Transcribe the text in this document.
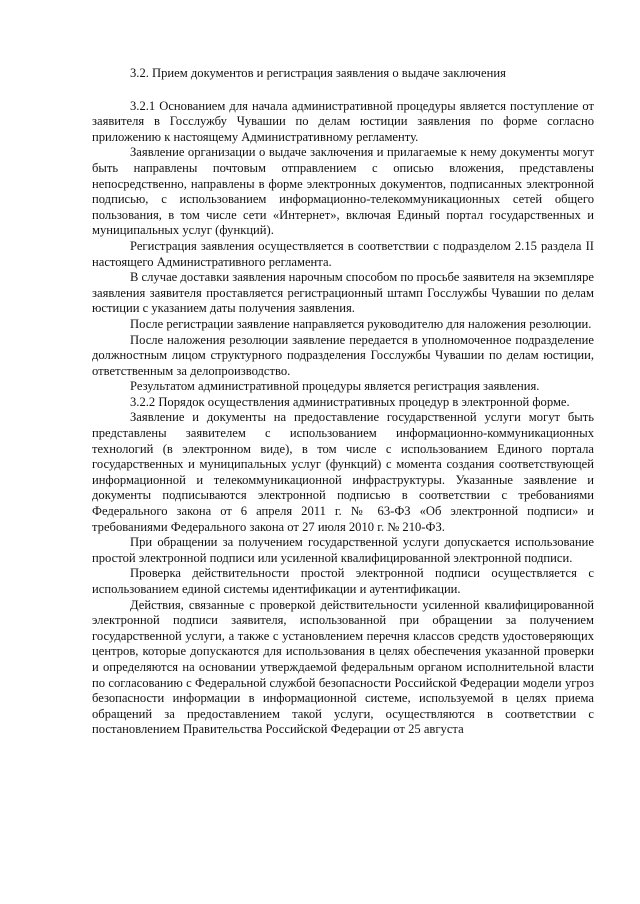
3.2. Прием документов и регистрация заявления о выдаче заключения

3.2.1 Основанием для начала административной процедуры является поступление от заявителя в Госслужбу Чувашии по делам юстиции заявления по форме согласно приложению к настоящему Административному регламенту.

Заявление организации о выдаче заключения и прилагаемые к нему документы могут быть направлены почтовым отправлением с описью вложения, представлены непосредственно, направлены в форме электронных документов, подписанных электронной подписью, с использованием информационно-телекоммуникационных сетей общего пользования, в том числе сети «Интернет», включая Единый портал государственных и муниципальных услуг (функций).

Регистрация заявления осуществляется в соответствии с подразделом 2.15 раздела II настоящего Административного регламента.

В случае доставки заявления нарочным способом по просьбе заявителя на экземпляре заявления заявителя проставляется регистрационный штамп Госслужбы Чувашии по делам юстиции с указанием даты получения заявления.

После регистрации заявление направляется руководителю для наложения резолюции.

После наложения резолюции заявление передается в уполномоченное подразделение должностным лицом структурного подразделения Госслужбы Чувашии по делам юстиции, ответственным за делопроизводство.

Результатом административной процедуры является регистрация заявления.

3.2.2 Порядок осуществления административных процедур в электронной форме.

Заявление и документы на предоставление государственной услуги могут быть представлены заявителем с использованием информационно-коммуникационных технологий (в электронном виде), в том числе с использованием Единого портала государственных и муниципальных услуг (функций) с момента создания соответствующей информационной и телекоммуникационной инфраструктуры. Указанные заявление и документы подписываются электронной подписью в соответствии с требованиями Федерального закона от 6 апреля 2011 г. № 63-ФЗ «Об электронной подписи» и требованиями Федерального закона от 27 июля 2010 г. № 210-ФЗ.

При обращении за получением государственной услуги допускается использование простой электронной подписи или усиленной квалифицированной электронной подписи.

Проверка действительности простой электронной подписи осуществляется с использованием единой системы идентификации и аутентификации.

Действия, связанные с проверкой действительности усиленной квалифицированной электронной подписи заявителя, использованной при обращении за получением государственной услуги, а также с установлением перечня классов средств удостоверяющих центров, которые допускаются для использования в целях обеспечения указанной проверки и определяются на основании утверждаемой федеральным органом исполнительной власти по согласованию с Федеральной службой безопасности Российской Федерации модели угроз безопасности информации в информационной системе, используемой в целях приема обращений за предоставлением такой услуги, осуществляются в соответствии с постановлением Правительства Российской Федерации от 25 августа
